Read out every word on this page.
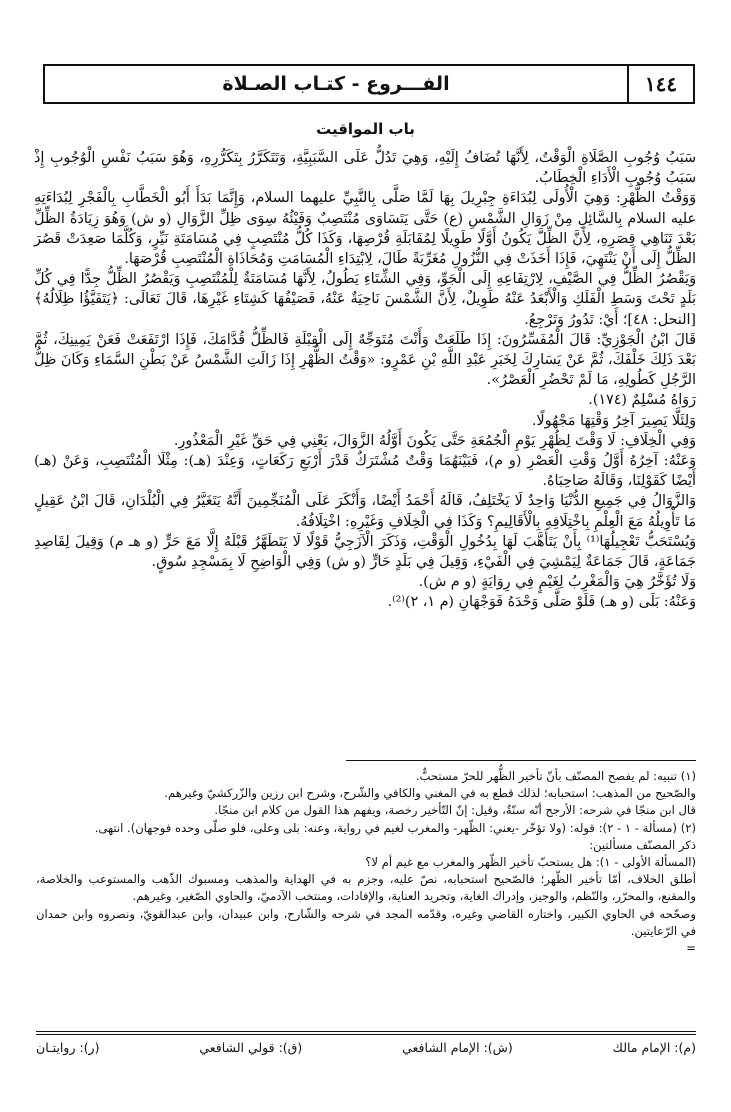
١٤٤
الفـــروع - كتـاب الصـلاة
باب المواقيت

سَبَبُ وُجُوبِ الصَّلَاةِ الْوَقْتُ، لِأَنَّهَا تُضَافُ إِلَيْهِ، وَهِيَ تَدُلُّ عَلَى السَّبَبِيَّةِ، وَتَتَكَرَّرُ بِتَكَرُّرِهِ، وَهُوَ سَبَبُ نَفْسِ الْوُجُوبِ إِذْ سَبَبُ وُجُوبِ الْأَدَاءِ الْخِطَابُ.

وَوَقْتُ الظُّهْرِ: وَهِيَ الْأُولَى لِبُدَاءَةِ جِبْرِيلَ بِهَا لَمَّا صَلَّى بِالنَّبِيِّ عليهما السلام، وَإِنَّمَا بَدَأَ أَبُو الْخَطَّابِ بِالْفَجْرِ لِبُدَاءَتِهِ عليه السلام بِالسَّائِلِ مِنْ زَوَالِ الشَّمْسِ (ع) حَتَّى يَتَسَاوَى مُنْتَصِبٌ وَفَيْئُهُ سِوَى ظِلِّ الزَّوَالِ (و ش) وَهُوَ زِيَادَةُ الظِّلِّ بَعْدَ تَنَاهِي قِصَرِهِ، لِأَنَّ الظِّلَّ يَكُونُ أَوَّلًا طَوِيلًا لِمُقَابَلَةِ قُرْصِهَا، وَكَذَا كُلُّ مُنْتَصِبٍ فِي مُسَامَتَةِ نَيِّرٍ، وَكُلَّمَا صَعِدَتْ قَصُرَ الظِّلُّ إِلَى أَنْ يَنْتَهِيَ، فَإِذَا أَخَذَتْ فِي النُّزُولِ مُغَرِّبَةً طَالَ، لِابْتِدَاءِ الْمُسَامَتِ وَمُحَاذَاةِ الْمُنْتَصِبِ قُرْصَهَا.

وَيَقْصُرُ الظِّلُّ فِي الصَّيْفِ، لِارْتِفَاعِهِ إِلَى الْجَوِّ، وَفِي الشِّتَاءِ يَطُولُ، لِأَنَّهَا مُسَامَتَةٌ لِلْمُنْتَصِبِ وَيَقْصُرُ الظِّلُّ جِدًّا فِي كُلِّ بَلَدٍ تَحْتَ وَسَطِ الْفَلَكِ وَالْأَبْعَدُ عَنْهُ طَوِيلٌ، لِأَنَّ الشَّمْسَ نَاحِيَةٌ عَنْهُ، فَصَيْفُهَا كَشِتَاءِ غَيْرِهَا، قَالَ تَعَالَى: ﴿يَتَفَيَّؤُا ظِلَالُهُ﴾ [النحل: ٤٨]؛ أَيْ: تَدُورُ وَتَرْجِعُ.

قَالَ ابْنُ الْجَوْزِيِّ: قَالَ الْمُفَسِّرُونَ: إِذَا طَلَعَتْ وَأَنْتَ مُتَوَجِّهٌ إِلَى الْقِبْلَةِ فَالظِّلُّ قُدَّامَكَ، فَإِذَا ارْتَفَعَتْ فَعَنْ يَمِينِكَ، ثُمَّ بَعْدَ ذَلِكَ خَلْفَكَ، ثُمَّ عَنْ يَسَارِكَ لِخَبَرِ عَبْدِ اللَّهِ بْنِ عَمْرٍو: «وَقْتُ الظُّهْرِ إِذَا زَالَتِ الشَّمْسُ عَنْ بَطْنِ السَّمَاءِ وَكَانَ ظِلُّ الرَّجُلِ كَطُولِهِ، مَا لَمْ تَحْضُرِ الْعَصْرُ».

رَوَاهُ مُسْلِمٌ (١٧٤).

وَلِئَلَّا يَصِيرَ آخِرُ وَقْتِهَا مَجْهُولًا.

وَفِي الْخِلَافِ: لَا وَقْتَ لِظُهْرِ يَوْمِ الْجُمُعَةِ حَتَّى يَكُونَ أَوَّلُهُ الزَّوَالَ، يَعْنِي فِي حَقِّ غَيْرِ الْمَعْذُورِ.

وَعَنْهُ: آخِرُهُ أَوَّلُ وَقْتِ الْعَصْرِ (و م)، فَبَيْنَهُمَا وَقْتٌ مُشْتَرَكٌ قَدْرَ أَرْبَعِ رَكَعَاتٍ، وَعِنْدَ (هـ): مِثْلَا الْمُنْتَصِبِ، وَعَنْ (هـ) أَيْضًا كَقَوْلِنَا، وَقَالَهُ صَاحِبَاهُ.

وَالزَّوَالُ فِي جَمِيعِ الدُّنْيَا وَاحِدٌ لَا يَخْتَلِفُ، قَالَهُ أَحْمَدُ أَيْضًا، وَأَنْكَرَ عَلَى الْمُنَجِّمِينَ أَنَّهُ يَتَغَيَّرُ فِي الْبُلْدَانِ، قَالَ ابْنُ عَقِيلٍ مَا تَأْوِيلُهُ مَعَ الْعِلْمِ بِاخْتِلَافِهِ بِالْأَقَالِيمِ؟ وَكَذَا فِي الْخِلَافِ وَغَيْرِهِ: اخْتِلَافُهُ.

وَيُسْتَحَبُّ تَعْجِيلُهَا⁽¹⁾ بِأَنْ يَتَأَهَّبَ لَهَا بِدُخُولِ الْوَقْتِ، وَذَكَرَ الْآزَجِيُّ قَوْلًا لَا يَتَطَهَّرُ قَبْلَهُ إِلَّا مَعَ حَرٍّ (و هـ م) وَقِيلَ لِقَاصِدِ جَمَاعَةٍ، قَالَ جَمَاعَةٌ لِيَمْشِيَ فِي الْفَيْءِ، وَقِيلَ فِي بَلَدٍ حَارٍّ (و ش) وَفِي الْوَاضِحِ لَا بِمَسْجِدِ سُوقٍ.

وَلَا تُؤَخَّرُ هِيَ وَالْمَغْرِبُ لِغَيْمٍ فِي رِوَايَةٍ (و م ش).

وَعَنْهُ: بَلَى (و هـ) فَلَوْ صَلَّى وَحْدَهُ فَوَجْهَانِ (م ١، ٢)⁽²⁾.

(١) تنبيه: لم يفصح المصنّف بأنّ تأخير الظُّهر للحرّ مستحبٌّ.

والصّحيح من المذهب: استحبابه؛ لذلك قطع به في المغني والكافي والشّرح، وشرح ابن رزين والزّركشيّ وغيرهم.

قال ابن منجّا في شرحه: الأرجح أنّه سنّةٌ، وقيل: إنّ التّأخير رخصة، ويفهم هذا القول من كلام ابن منجّا.

(٢) (مسألة - ١ - ٢): قوله: (ولا تؤخّر -يعني: الظّهر- والمغرب لغيم في رواية، وعنه: بلى وعلى، فلو صلّى وحده فوجهان). انتهى.

ذكر المصنّف مسألتين:

(المسألة الأولى - ١): هل يستحبّ تأخير الظّهر والمغرب مع غيم أم لا؟

أطلق الخلاف، أمّا تأخير الظّهر؛ فالصّحيح استحبابه، نصّ عليه، وجزم به في الهداية والمذهب ومسبوك الذّهب والمستوعب والخلاصة، والمقنع، والمحرّر، والنّظم، والوجيز، وإدراك الغاية، وتجريد العناية، والإفادات، ومنتخب الآدميّ، والحاوي الصّغير، وغيرهم.

وصحّحه في الحاوي الكبير، واختاره القاضي وغيره، وقدّمه المجد في شرحه والشّارح، وابن عبيدان، وابن عبدالقويّ، ونصروه وابن حمدان في الرّعايتين.

=

(م): الإمام مالك
(ش): الإمام الشافعي
(ق): قولي الشافعي
(ر): روايتـان
